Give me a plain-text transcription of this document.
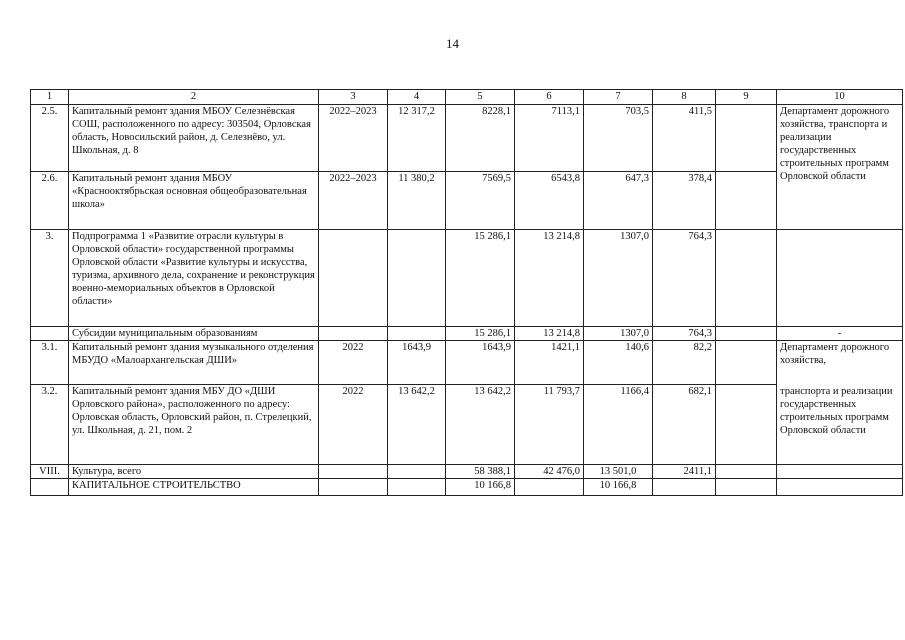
14
1	2	3	4	5	6	7	8	9	10
2.5.	Капитальный ремонт здания МБОУ Селезнёвская СОШ, расположенного по адресу: 303504, Орловская область, Новосильский район, д. Селезнёво, ул. Школьная, д. 8	2022–2023	12 317,2	8228,1	7113,1	703,5	411,5		Департамент дорожного хозяйства, транспорта и реализации государственных строительных программ Орловской области
2.6.	Капитальный ремонт здания МБОУ «Краснооктябрьская основная общеобразовательная школа»	2022–2023	11 380,2	7569,5	6543,8	647,3	378,4		
3.	Подпрограмма 1 «Развитие отрасли культуры в Орловской области» государственной программы Орловской области «Развитие культуры и искусства, туризма, архивного дела, сохранение и реконструкция военно-мемориальных объектов в Орловской области»			15 286,1	13 214,8	1307,0	764,3		
	Субсидии муниципальным образованиям			15 286,1	13 214,8	1307,0	764,3		-
3.1.	Капитальный ремонт здания музыкального отделения МБУДО «Малоархангельская ДШИ»	2022	1643,9	1643,9	1421,1	140,6	82,2		Департамент дорожного хозяйства,
3.2.	Капитальный ремонт здания МБУ ДО «ДШИ Орловского района», расположенного по адресу: Орловская область, Орловский район, п. Стрелецкий, ул. Школьная, д. 21, пом. 2	2022	13 642,2	13 642,2	11 793,7	1166,4	682,1		транспорта и реализации государственных строительных программ Орловской области
VIII.	Культура, всего			58 388,1	42 476,0	13 501,0	2411,1		
	КАПИТАЛЬНОЕ СТРОИТЕЛЬСТВО			10 166,8		10 166,8			
